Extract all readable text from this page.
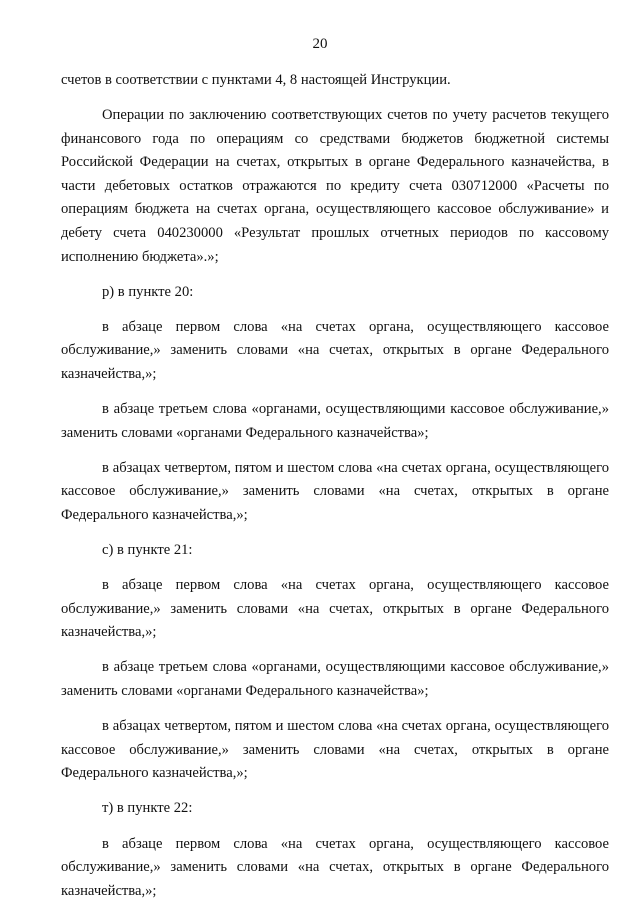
20

счетов в соответствии с пунктами 4, 8 настоящей Инструкции.

Операции по заключению соответствующих счетов по учету расчетов текущего финансового года по операциям со средствами бюджетов бюджетной системы Российской Федерации на счетах, открытых в органе Федерального казначейства, в части дебетовых остатков отражаются по кредиту счета 030712000 «Расчеты по операциям бюджета на счетах органа, осуществляющего кассовое обслуживание» и дебету счета 040230000 «Результат прошлых отчетных периодов по кассовому исполнению бюджета».»;

р) в пункте 20:

в абзаце первом слова «на счетах органа, осуществляющего кассовое обслуживание,» заменить словами «на счетах, открытых в органе Федерального казначейства,»;

в абзаце третьем слова «органами, осуществляющими кассовое обслуживание,» заменить словами «органами Федерального казначейства»;

в абзацах четвертом, пятом и шестом слова «на счетах органа, осуществляющего кассовое обслуживание,» заменить словами «на счетах, открытых в органе Федерального казначейства,»;

с) в пункте 21:

в абзаце первом слова «на счетах органа, осуществляющего кассовое обслуживание,» заменить словами «на счетах, открытых в органе Федерального казначейства,»;

в абзаце третьем слова «органами, осуществляющими кассовое обслуживание,» заменить словами «органами Федерального казначейства»;

в абзацах четвертом, пятом и шестом слова «на счетах органа, осуществляющего кассовое обслуживание,» заменить словами «на счетах, открытых в органе Федерального казначейства,»;

т) в пункте 22:

в абзаце первом слова «на счетах органа, осуществляющего кассовое обслуживание,» заменить словами «на счетах, открытых в органе Федерального казначейства,»;
